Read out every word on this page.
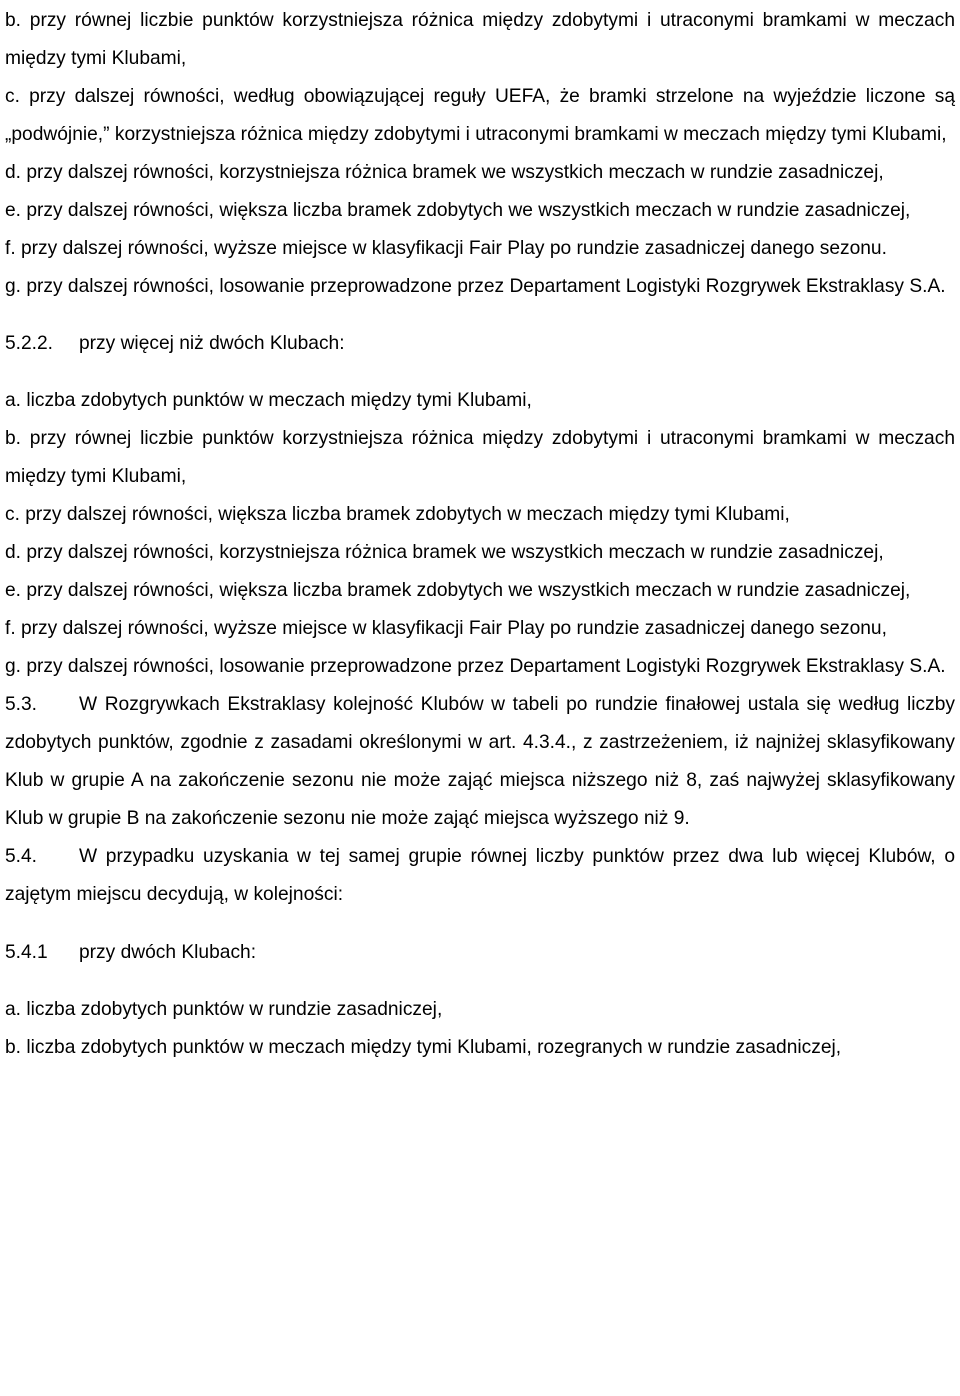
b. przy równej liczbie punktów korzystniejsza różnica między zdobytymi i utraconymi bramkami w meczach między tymi Klubami,

c. przy dalszej równości, według obowiązującej reguły UEFA, że bramki strzelone na wyjeździe liczone są „podwójnie,” korzystniejsza różnica między zdobytymi i utraconymi bramkami w meczach między tymi Klubami,

d. przy dalszej równości, korzystniejsza różnica bramek we wszystkich meczach w rundzie zasadniczej,

e. przy dalszej równości, większa liczba bramek zdobytych we wszystkich meczach w rundzie zasadniczej,

f. przy dalszej równości, wyższe miejsce w klasyfikacji Fair Play po rundzie zasadniczej danego sezonu.

g. przy dalszej równości, losowanie przeprowadzone przez Departament Logistyki Rozgrywek Ekstraklasy S.A.

5.2.2. przy więcej niż dwóch Klubach:

a. liczba zdobytych punktów w meczach między tymi Klubami,

b. przy równej liczbie punktów korzystniejsza różnica między zdobytymi i utraconymi bramkami w meczach między tymi Klubami,

c. przy dalszej równości, większa liczba bramek zdobytych w meczach między tymi Klubami,

d. przy dalszej równości, korzystniejsza różnica bramek we wszystkich meczach w rundzie zasadniczej,

e. przy dalszej równości, większa liczba bramek zdobytych we wszystkich meczach w rundzie zasadniczej,

f. przy dalszej równości, wyższe miejsce w klasyfikacji Fair Play po rundzie zasadniczej danego sezonu,

g. przy dalszej równości, losowanie przeprowadzone przez Departament Logistyki Rozgrywek Ekstraklasy S.A.

5.3. W Rozgrywkach Ekstraklasy kolejność Klubów w tabeli po rundzie finałowej ustala się według liczby zdobytych punktów, zgodnie z zasadami określonymi w art. 4.3.4., z zastrzeżeniem, iż najniżej sklasyfikowany Klub w grupie A na zakończenie sezonu nie może zająć miejsca niższego niż 8, zaś najwyżej sklasyfikowany Klub w grupie B na zakończenie sezonu nie może zająć miejsca wyższego niż 9.

5.4. W przypadku uzyskania w tej samej grupie równej liczby punktów przez dwa lub więcej Klubów, o zajętym miejscu decydują, w kolejności:

5.4.1 przy dwóch Klubach:

a. liczba zdobytych punktów w rundzie zasadniczej,

b. liczba zdobytych punktów w meczach między tymi Klubami, rozegranych w rundzie zasadniczej,
